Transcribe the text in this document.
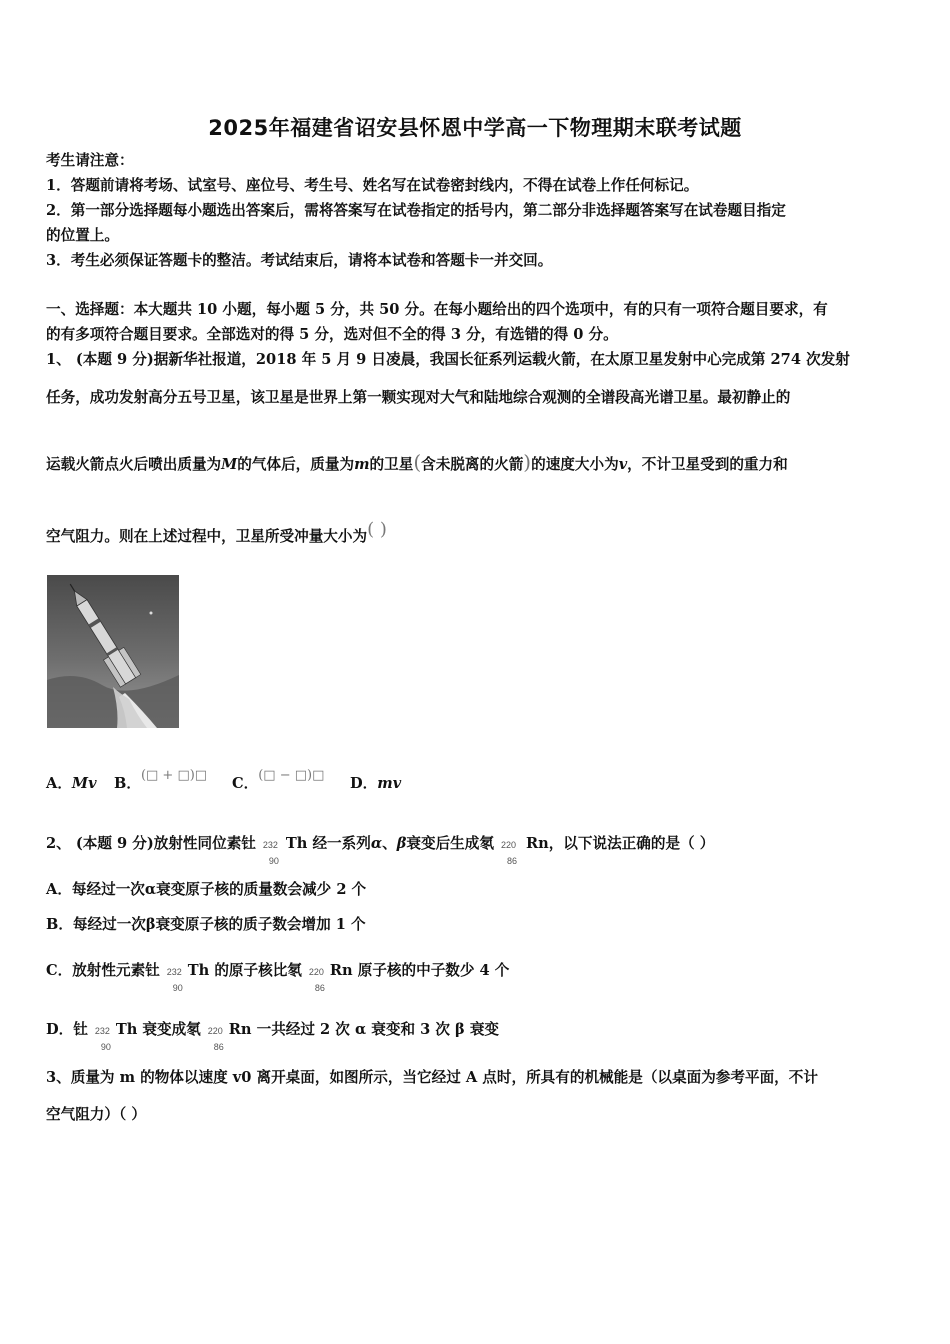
2025年福建省诏安县怀恩中学高一下物理期末联考试题
考生请注意：
1．答题前请将考场、试室号、座位号、考生号、姓名写在试卷密封线内，不得在试卷上作任何标记。
2．第一部分选择题每小题选出答案后，需将答案写在试卷指定的括号内，第二部分非选择题答案写在试卷题目指定
的位置上。
3．考生必须保证答题卡的整洁。考试结束后，请将本试卷和答题卡一并交回。
一、选择题：本大题共 10 小题，每小题 5 分，共 50 分。在每小题给出的四个选项中，有的只有一项符合题目要求，有
的有多项符合题目要求。全部选对的得 5 分，选对但不全的得 3 分，有选错的得 0 分。
1、 (本题 9 分)据新华社报道，2018 年 5 月 9 日凌晨，我国长征系列运载火箭，在太原卫星发射中心完成第 274 次发射
任务，成功发射高分五号卫星，该卫星是世界上第一颗实现对大气和陆地综合观测的全谱段高光谱卫星。最初静止的
运载火箭点火后喷出质量为M的气体后，质量为m的卫星(含未脱离的火箭)的速度大小为v，不计卫星受到的重力和
空气阻力。则在上述过程中，卫星所受冲量大小为( )
A．Mv B．(□ + □)□ C．(□ − □)□ D．mv
2、 (本题 9 分)放射性同位素钍 232
90
Th 经一系列α、β衰变后生成氡 220
86
Rn，以下说法正确的是（ ）
A．每经过一次α衰变原子核的质量数会减少 2 个
B．每经过一次β衰变原子核的质子数会增加 1 个
C．放射性元素钍 232
90
Th 的原子核比氡 220
86
Rn 原子核的中子数少 4 个
D．钍 232
90
Th 衰变成氡 220
86
Rn 一共经过 2 次 α 衰变和 3 次 β 衰变
3、质量为 m 的物体以速度 v0 离开桌面，如图所示，当它经过 A 点时，所具有的机械能是（以桌面为参考平面，不计
空气阻力）（ ）
